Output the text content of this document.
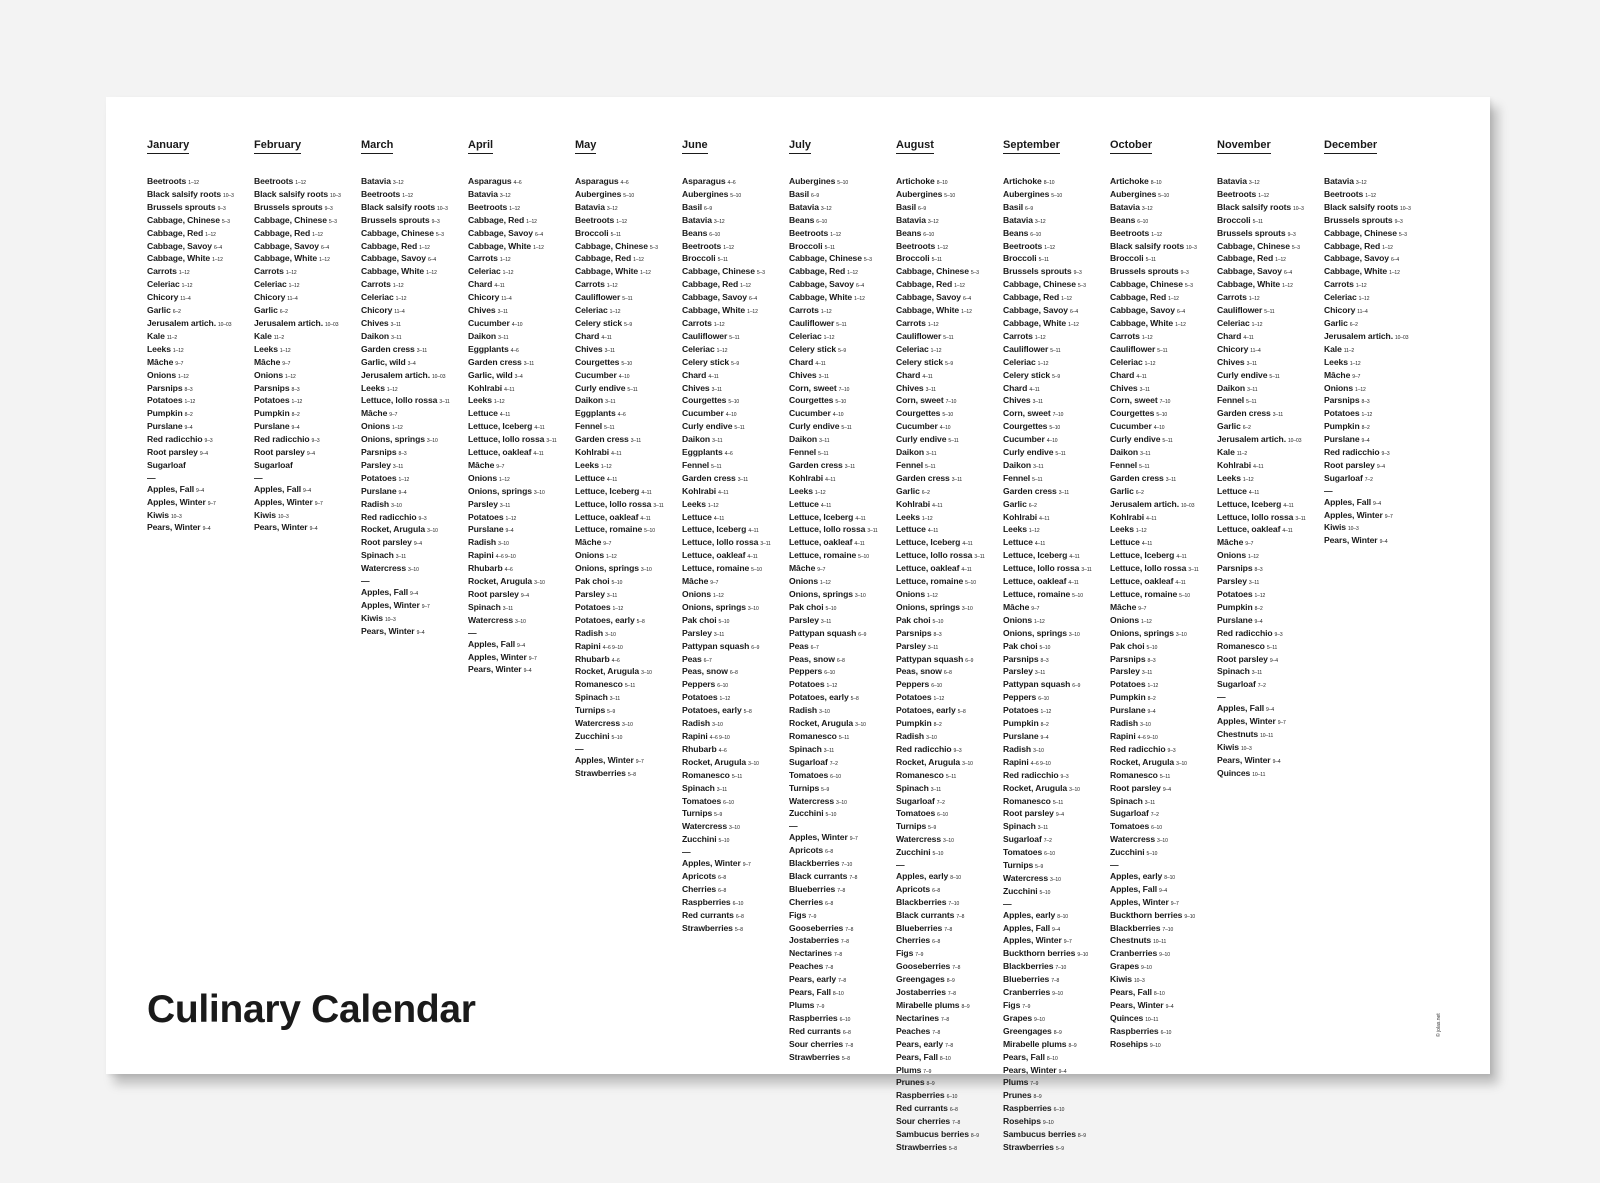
January
Beetroots 1–12
Black salsify roots 10–3
Brussels sprouts 9–3
Cabbage, Chinese 5–3
Cabbage, Red 1–12
Cabbage, Savoy 6–4
Cabbage, White 1–12
Carrots 1–12
Celeriac 1–12
Chicory 11–4
Garlic 6–2
Jerusalem artich. 10–03
Kale 11–2
Leeks 1–12
Mâche 9–7
Onions 1–12
Parsnips 8–3
Potatoes 1–12
Pumpkin 8–2
Purslane 9–4
Red radicchio 9–3
Root parsley 9–4
Sugarloaf
—
Apples, Fall 9–4
Apples, Winter 9–7
Kiwis 10–3
Pears, Winter 9–4
February
Beetroots 1–12
Black salsify roots 10–3
Brussels sprouts 9–3
Cabbage, Chinese 5–3
Cabbage, Red 1–12
Cabbage, Savoy 6–4
Cabbage, White 1–12
Carrots 1–12
Celeriac 1–12
Chicory 11–4
Garlic 6–2
Jerusalem artich. 10–03
Kale 11–2
Leeks 1–12
Mâche 9–7
Onions 1–12
Parsnips 8–3
Potatoes 1–12
Pumpkin 8–2
Purslane 9–4
Red radicchio 9–3
Root parsley 9–4
Sugarloaf
—
Apples, Fall 9–4
Apples, Winter 9–7
Kiwis 10–3
Pears, Winter 9–4
March
Batavia 3–12
Beetroots 1–12
Black salsify roots 10–3
Brussels sprouts 9–3
Cabbage, Chinese 5–3
Cabbage, Red 1–12
Cabbage, Savoy 6–4
Cabbage, White 1–12
Carrots 1–12
Celeriac 1–12
Chicory 11–4
Chives 3–11
Daikon 3–11
Garden cress 3–11
Garlic, wild 3–4
Jerusalem artich. 10–03
Leeks 1–12
Lettuce, lollo rossa 3–11
Mâche 9–7
Onions 1–12
Onions, springs 3–10
Parsnips 8–3
Parsley 3–11
Potatoes 1–12
Purslane 9–4
Radish 3–10
Red radicchio 9–3
Rocket, Arugula 3–10
Root parsley 9–4
Spinach 3–11
Watercress 3–10
—
Apples, Fall 9–4
Apples, Winter 9–7
Kiwis 10–3
Pears, Winter 9–4
April
Asparagus 4–6
Batavia 3–12
Beetroots 1–12
Cabbage, Red 1–12
Cabbage, Savoy 6–4
Cabbage, White 1–12
Carrots 1–12
Celeriac 1–12
Chard 4–11
Chicory 11–4
Chives 3–11
Cucumber 4–10
Daikon 3–11
Eggplants 4–6
Garden cress 3–11
Garlic, wild 3–4
Kohlrabi 4–11
Leeks 1–12
Lettuce 4–11
Lettuce, Iceberg 4–11
Lettuce, lollo rossa 3–11
Lettuce, oakleaf 4–11
Mâche 9–7
Onions 1–12
Onions, springs 3–10
Parsley 3–11
Potatoes 1–12
Purslane 9–4
Radish 3–10
Rapini 4–6 9–10
Rhubarb 4–6
Rocket, Arugula 3–10
Root parsley 9–4
Spinach 3–11
Watercress 3–10
—
Apples, Fall 9–4
Apples, Winter 9–7
Pears, Winter 9–4
May
Asparagus 4–6
Aubergines 5–10
Batavia 3–12
Beetroots 1–12
Broccoli 5–11
Cabbage, Chinese 5–3
Cabbage, Red 1–12
Cabbage, White 1–12
Carrots 1–12
Cauliflower 5–11
Celeriac 1–12
Celery stick 5–9
Chard 4–11
Chives 3–11
Courgettes 5–10
Cucumber 4–10
Curly endive 5–11
Daikon 3–11
Eggplants 4–6
Fennel 5–11
Garden cress 3–11
Kohlrabi 4–11
Leeks 1–12
Lettuce 4–11
Lettuce, Iceberg 4–11
Lettuce, lollo rossa 3–11
Lettuce, oakleaf 4–11
Lettuce, romaine 5–10
Mâche 9–7
Onions 1–12
Onions, springs 3–10
Pak choi 5–10
Parsley 3–11
Potatoes 1–12
Potatoes, early 5–8
Radish 3–10
Rapini 4–6 9–10
Rhubarb 4–6
Rocket, Arugula 3–10
Romanesco 5–11
Spinach 3–11
Turnips 5–9
Watercress 3–10
Zucchini 5–10
—
Apples, Winter 9–7
Strawberries 5–8
June
Asparagus 4–6
Aubergines 5–10
Basil 6–9
Batavia 3–12
Beans 6–10
Beetroots 1–12
Broccoli 5–11
Cabbage, Chinese 5–3
Cabbage, Red 1–12
Cabbage, Savoy 6–4
Cabbage, White 1–12
Carrots 1–12
Cauliflower 5–11
Celeriac 1–12
Celery stick 5–9
Chard 4–11
Chives 3–11
Courgettes 5–10
Cucumber 4–10
Curly endive 5–11
Daikon 3–11
Eggplants 4–6
Fennel 5–11
Garden cress 3–11
Kohlrabi 4–11
Leeks 1–12
Lettuce 4–11
Lettuce, Iceberg 4–11
Lettuce, lollo rossa 3–11
Lettuce, oakleaf 4–11
Lettuce, romaine 5–10
Mâche 9–7
Onions 1–12
Onions, springs 3–10
Pak choi 5–10
Parsley 3–11
Pattypan squash 6–9
Peas 6–7
Peas, snow 6–8
Peppers 6–10
Potatoes 1–12
Potatoes, early 5–8
Radish 3–10
Rapini 4–6 9–10
Rhubarb 4–6
Rocket, Arugula 3–10
Romanesco 5–11
Spinach 3–11
Tomatoes 6–10
Turnips 5–9
Watercress 3–10
Zucchini 5–10
—
Apples, Winter 9–7
Apricots 6–8
Cherries 6–8
Raspberries 6–10
Red currants 6–8
Strawberries 5–8
July
Aubergines 5–10
Basil 6–9
Batavia 3–12
Beans 6–10
Beetroots 1–12
Broccoli 5–11
Cabbage, Chinese 5–3
Cabbage, Red 1–12
Cabbage, Savoy 6–4
Cabbage, White 1–12
Carrots 1–12
Cauliflower 5–11
Celeriac 1–12
Celery stick 5–9
Chard 4–11
Chives 3–11
Corn, sweet 7–10
Courgettes 5–10
Cucumber 4–10
Curly endive 5–11
Daikon 3–11
Fennel 5–11
Garden cress 3–11
Kohlrabi 4–11
Leeks 1–12
Lettuce 4–11
Lettuce, Iceberg 4–11
Lettuce, lollo rossa 3–11
Lettuce, oakleaf 4–11
Lettuce, romaine 5–10
Mâche 9–7
Onions 1–12
Onions, springs 3–10
Pak choi 5–10
Parsley 3–11
Pattypan squash 6–9
Peas 6–7
Peas, snow 6–8
Peppers 6–10
Potatoes 1–12
Potatoes, early 5–8
Radish 3–10
Rocket, Arugula 3–10
Romanesco 5–11
Spinach 3–11
Sugarloaf 7–2
Tomatoes 6–10
Turnips 5–9
Watercress 3–10
Zucchini 5–10
—
Apples, Winter 9–7
Apricots 6–8
Blackberries 7–10
Black currants 7–8
Blueberries 7–8
Cherries 6–8
Figs 7–9
Gooseberries 7–8
Jostaberries 7–8
Nectarines 7–8
Peaches 7–8
Pears, early 7–8
Pears, Fall 8–10
Plums 7–9
Raspberries 6–10
Red currants 6–8
Sour cherries 7–8
Strawberries 5–8
August
Artichoke 8–10
Aubergines 5–10
Basil 6–9
Batavia 3–12
Beans 6–10
Beetroots 1–12
Broccoli 5–11
Cabbage, Chinese 5–3
Cabbage, Red 1–12
Cabbage, Savoy 6–4
Cabbage, White 1–12
Carrots 1–12
Cauliflower 5–11
Celeriac 1–12
Celery stick 5–9
Chard 4–11
Chives 3–11
Corn, sweet 7–10
Courgettes 5–10
Cucumber 4–10
Curly endive 5–11
Daikon 3–11
Fennel 5–11
Garden cress 3–11
Garlic 6–2
Kohlrabi 4–11
Leeks 1–12
Lettuce 4–11
Lettuce, Iceberg 4–11
Lettuce, lollo rossa 3–11
Lettuce, oakleaf 4–11
Lettuce, romaine 5–10
Onions 1–12
Onions, springs 3–10
Pak choi 5–10
Parsnips 8–3
Parsley 3–11
Pattypan squash 6–9
Peas, snow 6–8
Peppers 6–10
Potatoes 1–12
Potatoes, early 5–8
Pumpkin 8–2
Radish 3–10
Red radicchio 9–3
Rocket, Arugula 3–10
Romanesco 5–11
Spinach 3–11
Sugarloaf 7–2
Tomatoes 6–10
Turnips 5–9
Watercress 3–10
Zucchini 5–10
—
Apples, early 8–10
Apricots 6–8
Blackberries 7–10
Black currants 7–8
Blueberries 7–8
Cherries 6–8
Figs 7–9
Gooseberries 7–8
Greengages 8–9
Jostaberries 7–8
Mirabelle plums 8–9
Nectarines 7–8
Peaches 7–8
Pears, early 7–8
Pears, Fall 8–10
Plums 7–9
Prunes 8–9
Raspberries 6–10
Red currants 6–8
Sour cherries 7–8
Sambucus berries 8–9
Strawberries 5–8
September
Artichoke 8–10
Aubergines 5–10
Basil 6–9
Batavia 3–12
Beans 6–10
Beetroots 1–12
Broccoli 5–11
Brussels sprouts 9–3
Cabbage, Chinese 5–3
Cabbage, Red 1–12
Cabbage, Savoy 6–4
Cabbage, White 1–12
Carrots 1–12
Cauliflower 5–11
Celeriac 1–12
Celery stick 5–9
Chard 4–11
Chives 3–11
Corn, sweet 7–10
Courgettes 5–10
Cucumber 4–10
Curly endive 5–11
Daikon 3–11
Fennel 5–11
Garden cress 3–11
Garlic 6–2
Kohlrabi 4–11
Leeks 1–12
Lettuce 4–11
Lettuce, Iceberg 4–11
Lettuce, lollo rossa 3–11
Lettuce, oakleaf 4–11
Lettuce, romaine 5–10
Mâche 9–7
Onions 1–12
Onions, springs 3–10
Pak choi 5–10
Parsnips 8–3
Parsley 3–11
Pattypan squash 6–9
Peppers 6–10
Potatoes 1–12
Pumpkin 8–2
Purslane 9–4
Radish 3–10
Rapini 4–6 9–10
Red radicchio 9–3
Rocket, Arugula 3–10
Romanesco 5–11
Root parsley 9–4
Spinach 3–11
Sugarloaf 7–2
Tomatoes 6–10
Turnips 5–9
Watercress 3–10
Zucchini 5–10
—
Apples, early 8–10
Apples, Fall 9–4
Apples, Winter 9–7
Buckthorn berries 9–10
Blackberries 7–10
Blueberries 7–8
Cranberries 9–10
Figs 7–9
Grapes 9–10
Greengages 8–9
Mirabelle plums 8–9
Pears, Fall 8–10
Pears, Winter 9–4
Plums 7–9
Prunes 8–9
Raspberries 6–10
Rosehips 9–10
Sambucus berries 8–9
Strawberries 5–9
October
Artichoke 8–10
Aubergines 5–10
Batavia 3–12
Beans 6–10
Beetroots 1–12
Black salsify roots 10–3
Broccoli 5–11
Brussels sprouts 9–3
Cabbage, Chinese 5–3
Cabbage, Red 1–12
Cabbage, Savoy 6–4
Cabbage, White 1–12
Carrots 1–12
Cauliflower 5–11
Celeriac 1–12
Chard 4–11
Chives 3–11
Corn, sweet 7–10
Courgettes 5–10
Cucumber 4–10
Curly endive 5–11
Daikon 3–11
Fennel 5–11
Garden cress 3–11
Garlic 6–2
Jerusalem artich. 10–03
Kohlrabi 4–11
Leeks 1–12
Lettuce 4–11
Lettuce, Iceberg 4–11
Lettuce, lollo rossa 3–11
Lettuce, oakleaf 4–11
Lettuce, romaine 5–10
Mâche 9–7
Onions 1–12
Onions, springs 3–10
Pak choi 5–10
Parsnips 8–3
Parsley 3–11
Potatoes 1–12
Pumpkin 8–2
Purslane 9–4
Radish 3–10
Rapini 4–6 9–10
Red radicchio 9–3
Rocket, Arugula 3–10
Romanesco 5–11
Root parsley 9–4
Spinach 3–11
Sugarloaf 7–2
Tomatoes 6–10
Watercress 3–10
Zucchini 5–10
—
Apples, early 8–10
Apples, Fall 9–4
Apples, Winter 9–7
Buckthorn berries 9–10
Blackberries 7–10
Chestnuts 10–11
Cranberries 9–10
Grapes 9–10
Kiwis 10–3
Pears, Fall 8–10
Pears, Winter 9–4
Quinces 10–11
Raspberries 6–10
Rosehips 9–10
November
Batavia 3–12
Beetroots 1–12
Black salsify roots 10–3
Broccoli 5–11
Brussels sprouts 9–3
Cabbage, Chinese 5–3
Cabbage, Red 1–12
Cabbage, Savoy 6–4
Cabbage, White 1–12
Carrots 1–12
Cauliflower 5–11
Celeriac 1–12
Chard 4–11
Chicory 11–4
Chives 3–11
Curly endive 5–11
Daikon 3–11
Fennel 5–11
Garden cress 3–11
Garlic 6–2
Jerusalem artich. 10–03
Kale 11–2
Kohlrabi 4–11
Leeks 1–12
Lettuce 4–11
Lettuce, Iceberg 4–11
Lettuce, lollo rossa 3–11
Lettuce, oakleaf 4–11
Mâche 9–7
Onions 1–12
Parsnips 8–3
Parsley 3–11
Potatoes 1–12
Pumpkin 8–2
Purslane 9–4
Red radicchio 9–3
Romanesco 5–11
Root parsley 9–4
Spinach 3–11
Sugarloaf 7–2
—
Apples, Fall 9–4
Apples, Winter 9–7
Chestnuts 10–11
Kiwis 10–3
Pears, Winter 9–4
Quinces 10–11
December
Batavia 3–12
Beetroots 1–12
Black salsify roots 10–3
Brussels sprouts 9–3
Cabbage, Chinese 5–3
Cabbage, Red 1–12
Cabbage, Savoy 6–4
Cabbage, White 1–12
Carrots 1–12
Celeriac 1–12
Chicory 11–4
Garlic 6–2
Jerusalem artich. 10–03
Kale 11–2
Leeks 1–12
Mâche 9–7
Onions 1–12
Parsnips 8–3
Potatoes 1–12
Pumpkin 8–2
Purslane 9–4
Red radicchio 9–3
Root parsley 9–4
Sugarloaf 7–2
—
Apples, Fall 9–4
Apples, Winter 9–7
Kiwis 10–3
Pears, Winter 9–4
Culinary Calendar	© jolas.net
